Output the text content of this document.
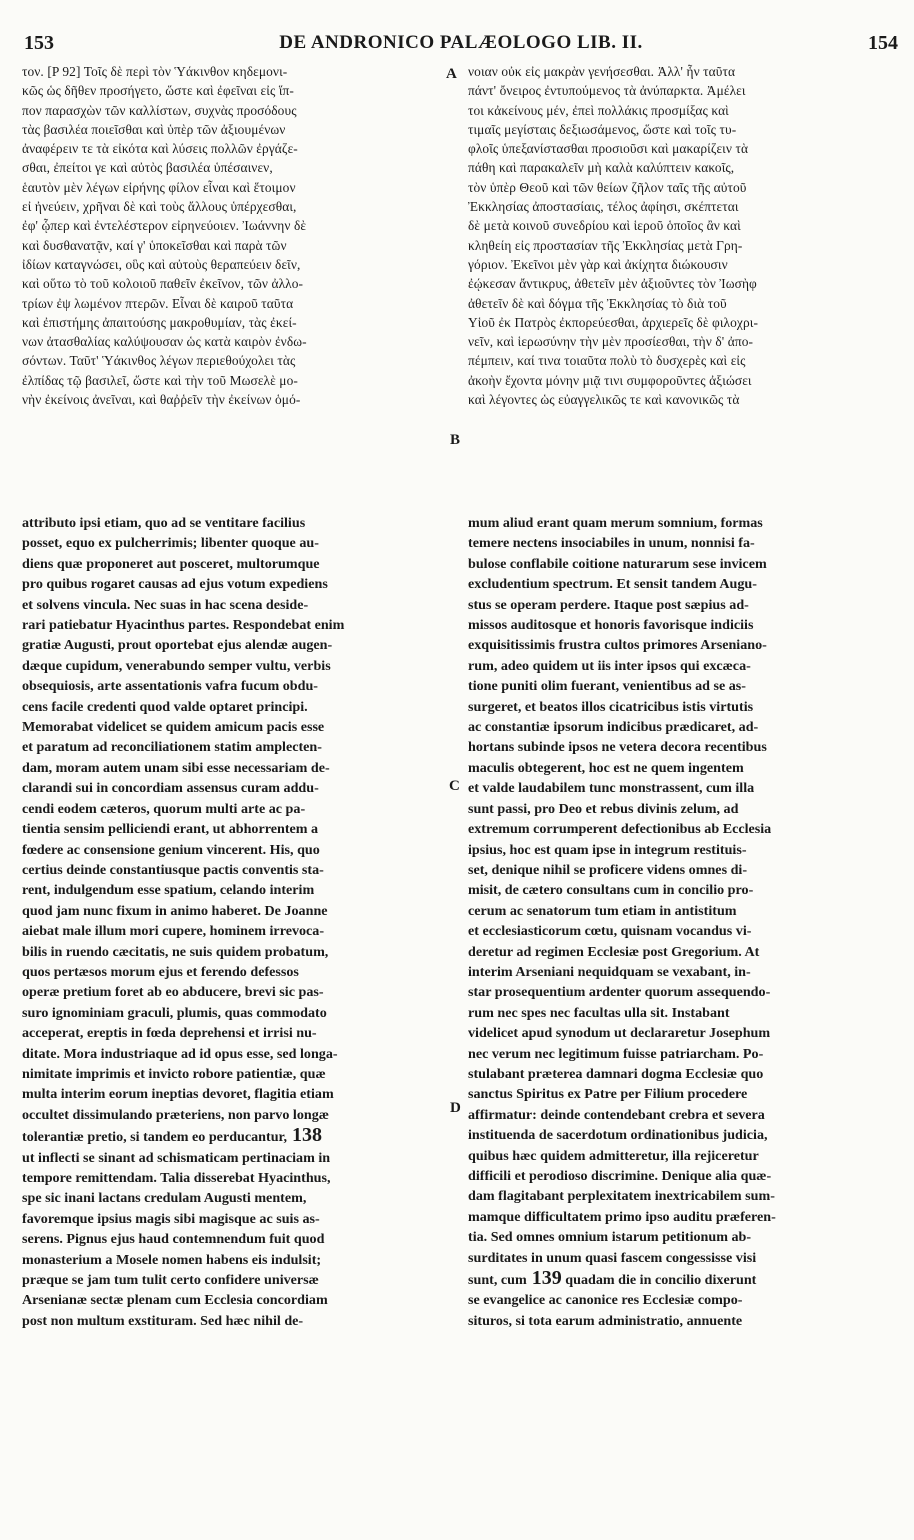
153	DE ANDRONICO PALÆOLOGO LIB. II.	154
τον. [P 92] Τοῖς δὲ περὶ τὸν Ὑάκινθον κηδεμονι-
κῶς ὡς δῆθεν προσήγετο, ὥστε καὶ ἐφεῖναι εἰς ἵπ-
πον παρασχὼν τῶν καλλίστων, συχνὰς προσόδους
τὰς βασιλέα ποιεῖσθαι καὶ ὑπὲρ τῶν ἀξιουμένων
ἀναφέρειν τε τὰ εἰκότα καὶ λύσεις πολλῶν ἐργάζε-
σθαι, ἐπείτοι γε καὶ αὐτὸς βασιλέα ὑπέσαινεν,
ἑαυτὸν μὲν λέγων εἰρήνης φίλον εἶναι καὶ ἕτοιμον
εἰ ἠνεύειν, χρῆναι δὲ καὶ τοὺς ἄλλους ὑπέρχεσθαι,
ἐφ' ᾧπερ καὶ ἐντελέστερον εἰρηνεύοιεν. Ἰωάννην δὲ
καὶ δυσθανατᾷν, καί γ' ὑποκεῖσθαι καὶ παρὰ τῶν
ἰδίων καταγνώσει, οὓς καὶ αὐτοὺς θεραπεύειν δεῖν,
καὶ οὕτω τὸ τοῦ κολοιοῦ παθεῖν ἐκεῖνον, τῶν ἀλλο-
τρίων ἐψ λωμένον πτερῶν. Εἶναι δὲ καιροῦ ταῦτα
καὶ ἐπιστήμης ἀπαιτούσης μακροθυμίαν, τὰς ἐκεί-
νων ἀτασθαλίας καλύψουσαν ὡς κατὰ καιρὸν ἐνδω-
σόντων. Ταῦτ' Ὑάκινθος λέγων περιεθούχολει τὰς
ἐλπίδας τῷ βασιλεῖ, ὥστε καὶ τὴν τοῦ Μωσελὲ μο-
νὴν ἐκείνοις ἀνεῖναι, καὶ θαῤῥεῖν τὴν ἐκείνων ὁμό-
νοιαν οὐκ εἰς μακρὰν γενήσεσθαι. Ἀλλ' ἦν ταῦτα
πάντ' ὄνειρος ἐντυπούμενος τὰ ἀνύπαρκτα. Ἀμέλει
τοι κἀκείνους μέν, ἐπεὶ πολλάκις προσμίξας καὶ
τιμαῖς μεγίσταις δεξιωσάμενος, ὥστε καὶ τοῖς τυ-
φλοῖς ὑπεξανίστασθαι προσιοῦσι καὶ μακαρίζειν τὰ
πάθη καὶ παρακαλεῖν μὴ καλὰ καλύπτειν κακοῖς,
τὸν ὑπὲρ Θεοῦ καὶ τῶν θείων ζῆλον ταῖς τῆς αὐτοῦ
Ἐκκλησίας ἀποστασίαις, τέλος ἀφίησι, σκέπτεται
δὲ μετὰ κοινοῦ συνεδρίου καὶ ἱεροῦ ὁποῖος ἂν καὶ
κληθείη εἰς προστασίαν τῆς Ἐκκλησίας μετὰ Γρη-
γόριον. Ἐκεῖνοι μὲν γὰρ καὶ ἀκίχητα διώκουσιν
ἐῴκεσαν ἄντικρυς, ἀθετεῖν μὲν ἀξιοῦντες τὸν Ἰωσὴφ
ἀθετεῖν δὲ καὶ δόγμα τῆς Ἐκκλησίας τὸ διὰ τοῦ
Υἱοῦ ἐκ Πατρὸς ἐκπορεύεσθαι, ἀρχιερεῖς δὲ φιλοχρι-
νεῖν, καὶ ἱερωσύνην τὴν μὲν προσίεσθαι, τὴν δ' ἀπο-
πέμπειν, καί τινα τοιαῦτα πολὺ τὸ δυσχερὲς καὶ εἰς
ἀκοὴν ἔχοντα μόνην μιᾷ τινι συμφοροῦντες ἀξιώσει
καὶ λέγοντες ὡς εὐαγγελικῶς τε καὶ κανονικῶς τὰ
A
B
C
D
attributo ipsi etiam, quo ad se ventitare facilius
posset, equo ex pulcherrimis; libenter quoque au-
diens quæ proponeret aut posceret, multorumque
pro quibus rogaret causas ad ejus votum expediens
et solvens vincula. Nec suas in hac scena deside-
rari patiebatur Hyacinthus partes. Respondebat enim
gratiæ Augusti, prout oportebat ejus alendæ augen-
dæque cupidum, venerabundo semper vultu, verbis
obsequiosis, arte assentationis vafra fucum obdu-
cens facile credenti quod valde optaret principi.
Memorabat videlicet se quidem amicum pacis esse
et paratum ad reconciliationem statim amplecten-
dam, moram autem unam sibi esse necessariam de-
clarandi sui in concordiam assensus curam addu-
cendi eodem cæteros, quorum multi arte ac pa-
tientia sensim pelliciendi erant, ut abhorrentem a
fœdere ac consensione genium vincerent. His, quo
certius deinde constantiusque pactis conventis sta-
rent, indulgendum esse spatium, celando interim
quod jam nunc fixum in animo haberet. De Joanne
aiebat male illum mori cupere, hominem irrevoca-
bilis in ruendo cæcitatis, ne suis quidem probatum,
quos pertæsos morum ejus et ferendo defessos
operæ pretium foret ab eo abducere, brevi sic pas-
suro ignominiam graculi, plumis, quas commodato
acceperat, ereptis in fœda deprehensi et irrisi nu-
ditate. Mora industriaque ad id opus esse, sed longa-
nimitate imprimis et invicto robore patientiæ, quæ
multa interim eorum ineptias devoret, flagitia etiam
occultet dissimulando præteriens, non parvo longæ
tolerantiæ pretio, si tandem eo perducantur, 138
ut inflecti se sinant ad schismaticam pertinaciam in
tempore remittendam. Talia disserebat Hyacinthus,
spe sic inani lactans credulam Augusti mentem,
favoremque ipsius magis sibi magisque ac suis as-
serens. Pignus ejus haud contemnendum fuit quod
monasterium a Mosele nomen habens eis indulsit;
præque se jam tum tulit certo confidere universæ
Arsenianæ sectæ plenam cum Ecclesia concordiam
post non multum exstituram. Sed hæc nihil de-
mum aliud erant quam merum somnium, formas
temere nectens insociabiles in unum, nonnisi fa-
bulose conflabile coitione naturarum sese invicem
excludentium spectrum. Et sensit tandem Augu-
stus se operam perdere. Itaque post sæpius ad-
missos auditosque et honoris favorisque indiciis
exquisitissimis frustra cultos primores Arseniano-
rum, adeo quidem ut iis inter ipsos qui excæca-
tione puniti olim fuerant, venientibus ad se as-
surgeret, et beatos illos cicatricibus istis virtutis
ac constantiæ ipsorum indicibus prædicaret, ad-
hortans subinde ipsos ne vetera decora recentibus
maculis obtegerent, hoc est ne quem ingentem
et valde laudabilem tunc monstrassent, cum illa
sunt passi, pro Deo et rebus divinis zelum, ad
extremum corrumperent defectionibus ab Ecclesia
ipsius, hoc est quam ipse in integrum restituis-
set, denique nihil se proficere videns omnes di-
misit, de cætero consultans cum in concilio pro-
cerum ac senatorum tum etiam in antistitum
et ecclesiasticorum cœtu, quisnam vocandus vi-
deretur ad regimen Ecclesiæ post Gregorium. At
interim Arseniani nequidquam se vexabant, in-
star prosequentium ardenter quorum assequendo-
rum nec spes nec facultas ulla sit. Instabant
videlicet apud synodum ut declararetur Josephum
nec verum nec legitimum fuisse patriarcham. Po-
stulabant præterea damnari dogma Ecclesiæ quo
sanctus Spiritus ex Patre per Filium procedere
affirmatur: deinde contendebant crebra et severa
instituenda de sacerdotum ordinationibus judicia,
quibus hæc quidem admitteretur, illa rejiceretur
difficili et perodioso discrimine. Denique alia quæ-
dam flagitabant perplexitatem inextricabilem sum-
mamque difficultatem primo ipso auditu præferen-
tia. Sed omnes omnium istarum petitionum ab-
surditates in unum quasi fascem congessisse visi
sunt, cum 139 quadam die in concilio dixerunt
se evangelice ac canonice res Ecclesiæ compo-
situros, si tota earum administratio, annuente
